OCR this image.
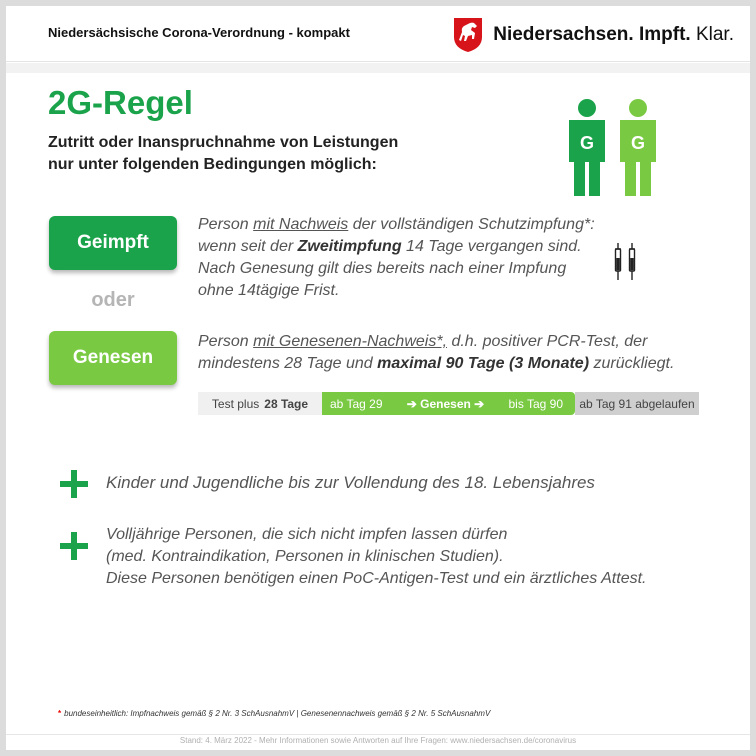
Niedersächsische Corona-Verordnung - kompakt	Niedersachsen. Impft. Klar.
2G-Regel
Zutritt oder Inanspruchnahme von Leistungen
nur unter folgenden Bedingungen möglich:
G G
Geimpft
Person mit Nachweis der vollständigen Schutzimpfung*:
wenn seit der Zweitimpfung 14 Tage vergangen sind.
Nach Genesung gilt dies bereits nach einer Impfung
ohne 14tägige Frist.
oder
Genesen
Person mit Genesenen-Nachweis*, d.h. positiver PCR-Test, der
mindestens 28 Tage und maximal 90 Tage (3 Monate) zurückliegt.
Test plus 28 Tage ab Tag 29 ➔ Genesen ➔ bis Tag 90 ab Tag
91
abgelaufen
Kinder und Jugendliche bis zur Vollendung des 18. Lebensjahres
Volljährige Personen, die sich nicht impfen lassen dürfen
(med. Kontraindikation, Personen in klinischen Studien).
Diese Personen benötigen einen PoC-Antigen-Test und ein ärztliches Attest.
* bundeseinheitlich: Impfnachweis gemäß § 2 Nr. 3 SchAusnahmV | Genesenennachweis gemäß § 2 Nr. 5 SchAusnahmV
Stand: 4. März 2022 - Mehr Informationen sowie Antworten auf Ihre Fragen: www.niedersachsen.de/coronavirus
